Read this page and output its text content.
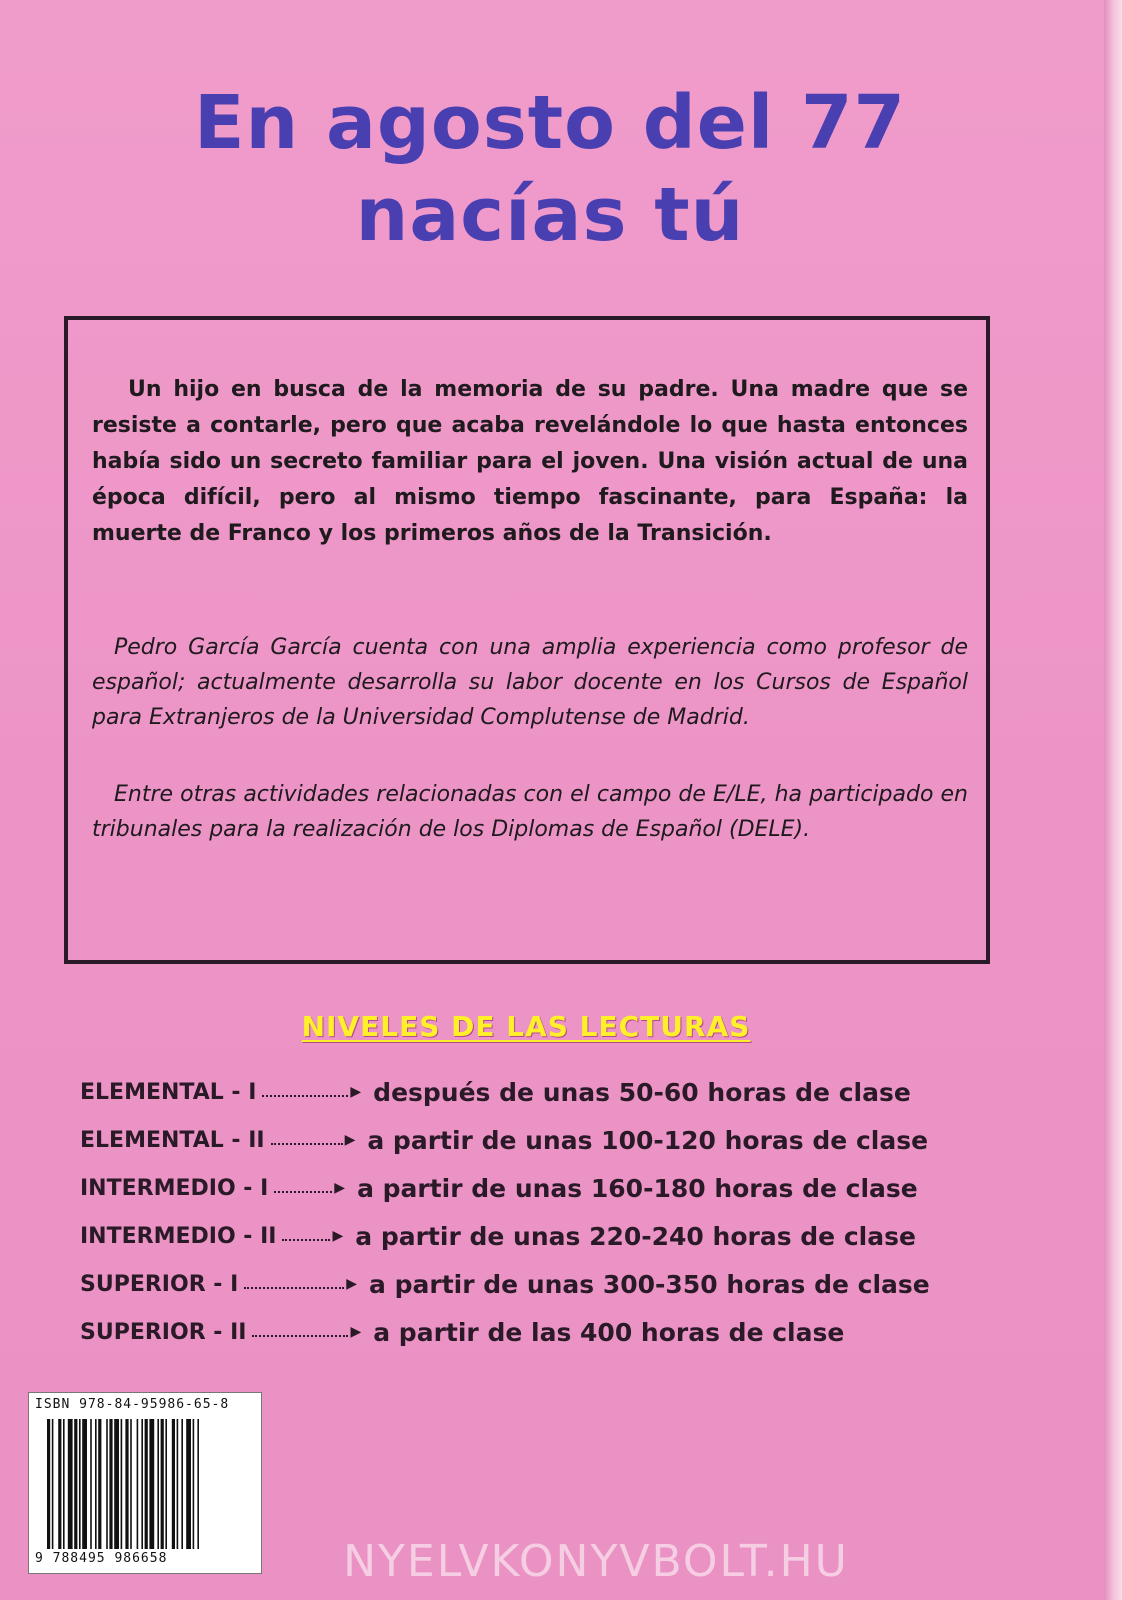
En agosto del 77
nacías tú

Un hijo en busca de la memoria de su padre. Una madre que se resiste a contarle, pero que acaba revelándole lo que hasta entonces había sido un secreto familiar para el joven. Una visión actual de una época difícil, pero al mismo tiempo fascinante, para España: la muerte de Franco y los primeros años de la Transición.

Pedro García García cuenta con una amplia experiencia como profesor de español; actualmente desarrolla su labor docente en los Cursos de Español para Extranjeros de la Universidad Complutense de Madrid.

Entre otras actividades relacionadas con el campo de E/LE, ha participado en tribunales para la realización de los Diplomas de Español (DELE).

NIVELES DE LAS LECTURAS
ELEMENTAL - I	▶ después de unas 50-60 horas de clase
ELEMENTAL - II	▶ a partir de unas 100-120 horas de clase
INTERMEDIO - I	▶ a partir de unas 160-180 horas de clase
INTERMEDIO - II	▶ a partir de unas 220-240 horas de clase
SUPERIOR - I	▶ a partir de unas 300-350 horas de clase
SUPERIOR - II	▶ a partir de las 400 horas de clase
ISBN 978-84-95986-65-8
9 788495 986658	NYELVKONYVBOLT.HU
